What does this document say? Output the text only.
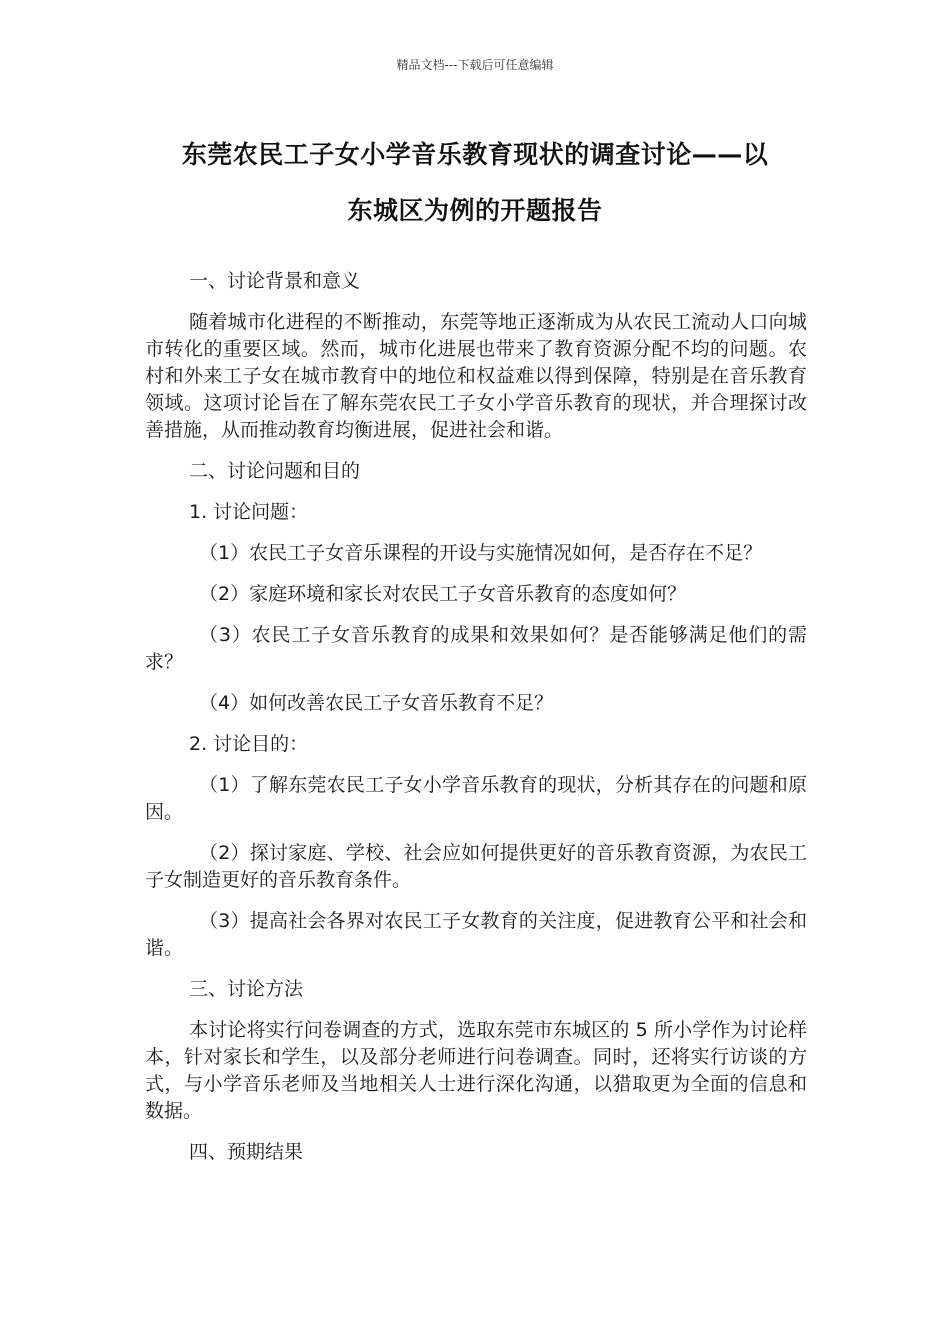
精品文档---下载后可任意编辑
东莞农民工子女小学音乐教育现状的调查讨论——以
东城区为例的开题报告

一、讨论背景和意义

随着城市化进程的不断推动，东莞等地正逐渐成为从农民工流动人口向城市转化的重要区域。然而，城市化进展也带来了教育资源分配不均的问题。农村和外来工子女在城市教育中的地位和权益难以得到保障，特别是在音乐教育领域。这项讨论旨在了解东莞农民工子女小学音乐教育的现状，并合理探讨改善措施，从而推动教育均衡进展，促进社会和谐。

二、讨论问题和目的

1. 讨论问题：

（1）农民工子女音乐课程的开设与实施情况如何，是否存在不足？

（2）家庭环境和家长对农民工子女音乐教育的态度如何？

（3）农民工子女音乐教育的成果和效果如何？是否能够满足他们的需求？

（4）如何改善农民工子女音乐教育不足？

2. 讨论目的：

（1）了解东莞农民工子女小学音乐教育的现状，分析其存在的问题和原因。

（2）探讨家庭、学校、社会应如何提供更好的音乐教育资源，为农民工子女制造更好的音乐教育条件。

（3）提高社会各界对农民工子女教育的关注度，促进教育公平和社会和谐。

三、讨论方法

本讨论将实行问卷调查的方式，选取东莞市东城区的 5 所小学作为讨论样本，针对家长和学生，以及部分老师进行问卷调查。同时，还将实行访谈的方式，与小学音乐老师及当地相关人士进行深化沟通，以猎取更为全面的信息和数据。

四、预期结果
